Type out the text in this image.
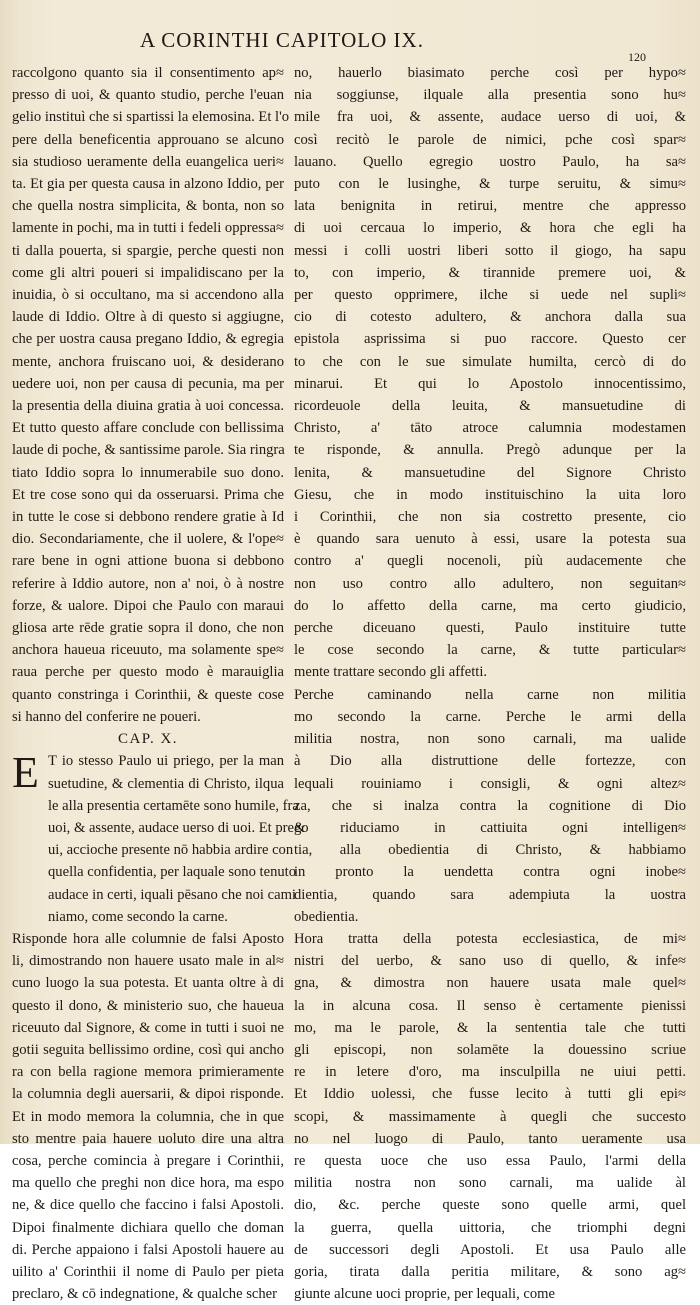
A CORINTHI CAPITOLO IX.
120
raccolgono quanto sia il consentimento ap≈
presso di uoi, & quanto studio, perche l'euan
gelio instituì che si spartissi la elemosina. Et l'o
pere della beneficentia approuano se alcuno
sia studioso ueramente della euangelica ueri≈
ta. Et gia per questa causa in alzono Iddio, per
che quella nostra simplicita, & bonta, non so
lamente in pochi, ma in tutti i fedeli oppressa≈
ti dalla pouerta, si spargie, perche questi non
come gli altri poueri si impalidiscano per la
inuidia, ò si occultano, ma si accendono alla
laude di Iddio. Oltre à di questo si aggiugne,
che per uostra causa pregano Iddio, & egregia
mente, anchora fruiscano uoi, & desiderano
uedere uoi, non per causa di pecunia, ma per
la presentia della diuina gratia à uoi concessa.
Et tutto questo affare conclude con bellissima
laude di poche, & santissime parole. Sia ringra
tiato Iddio sopra lo innumerabile suo dono.
Et tre cose sono qui da osseruarsi. Prima che
in tutte le cose si debbono rendere gratie à Id
dio. Secondariamente, che il uolere, & l'ope≈
rare bene in ogni attione buona si debbono
referire à Iddio autore, non a' noi, ò à nostre
forze, & ualore. Dipoi che Paulo con maraui
gliosa arte rēde gratie sopra il dono, che non
anchora haueua riceuuto, ma solamente spe≈
raua perche per questo modo è marauiglia
quanto constringa i Corinthii, & queste cose
si hanno del conferire ne poueri.
CAP. X.
E T io stesso Paulo ui priego, per la man
suetudine, & clementia di Christo, ilqua
le alla presentia certamēte sono humile, fra
uoi, & assente, audace uerso di uoi. Et prego
ui, accioche presente nō habbia ardire con
quella confidentia, per laquale sono tenuto
audace in certi, iquali pēsano che noi cami
niamo, come secondo la carne.
Risponde hora alle columnie de falsi Aposto
li, dimostrando non hauere usato male in al≈
cuno luogo la sua potesta. Et uanta oltre à di
questo il dono, & ministerio suo, che haueua
riceuuto dal Signore, & come in tutti i suoi ne
gotii seguita bellissimo ordine, così qui ancho
ra con bella ragione memora primieramente
la columnia degli auersarii, & dipoi risponde.
Et in modo memora la columnia, che in que
sto mentre paia hauere uoluto dire una altra
cosa, perche comincia à pregare i Corinthii,
ma quello che preghi non dice hora, ma espo
ne, & dice quello che faccino i falsi Apostoli.
Dipoi finalmente dichiara quello che doman
di. Perche appaiono i falsi Apostoli hauere au
uilito a' Corinthii il nome di Paulo per pieta
preclaro, & cō indegnatione, & qualche scher
no, hauerlo biasimato perche così per hypo≈
nia soggiunse, ilquale alla presentia sono hu≈
mile fra uoi, & assente, audace uerso di uoi, &
così recitò le parole de nimici, pche così spar≈
lauano. Quello egregio uostro Paulo, ha sa≈
puto con le lusinghe, & turpe seruitu, & simu≈
lata benignita in retirui, mentre che appresso
di uoi cercaua lo imperio, & hora che egli ha
messi i colli uostri liberi sotto il giogo, ha sapu
to, con imperio, & tirannide premere uoi, &
per questo opprimere, ilche si uede nel supli≈
cio di cotesto adultero, & anchora dalla sua
epistola asprissima si puo raccore. Questo cer
to che con le sue simulate humilta, cercò di do
minarui. Et qui lo Apostolo innocentissimo,
ricordeuole della leuita, & mansuetudine di
Christo, a' tāto atroce calumnia modestamen
te risponde, & annulla. Pregò adunque per la
lenita, & mansuetudine del Signore Christo
Giesu, che in modo instituischino la uita loro
i Corinthii, che non sia costretto presente, cio
è quando sara uenuto à essi, usare la potesta sua
contro a' quegli nocenoli, più audacemente che
non uso contro allo adultero, non seguitan≈
do lo affetto della carne, ma certo giudicio,
perche diceuano questi, Paulo instituire tutte
le cose secondo la carne, & tutte particular≈
mente trattare secondo gli affetti.
Perche caminando nella carne non militia
mo secondo la carne. Perche le armi della
militia nostra, non sono carnali, ma ualide
à Dio alla distruttione delle fortezze, con
lequali rouiniamo i consigli, & ogni altez≈
za, che si inalza contra la cognitione di Dio
& riduciamo in cattiuita ogni intelligen≈
tia, alla obedientia di Christo, & habbiamo
in pronto la uendetta contra ogni inobe≈
dientia, quando sara adempiuta la uostra
obedientia.
Hora tratta della potesta ecclesiastica, de mi≈
nistri del uerbo, & sano uso di quello, & infe≈
gna, & dimostra non hauere usata male quel≈
la in alcuna cosa. Il senso è certamente pienissi
mo, ma le parole, & la sententia tale che tutti
gli episcopi, non solamēte la douessino scriue
re in letere d'oro, ma insculpilla ne uiui petti.
Et Iddio uolessi, che fusse lecito à tutti gli epi≈
scopi, & massimamente à quegli che succesto
no nel luogo di Paulo, tanto ueramente usa
re questa uoce che uso essa Paulo, l'armi della
militia nostra non sono carnali, ma ualide àl
dio, &c. perche queste sono quelle armi, quel
la guerra, quella uittoria, che triomphi degni
de successori degli Apostoli. Et usa Paulo alle
goria, tirata dalla peritia militare, & sono ag≈
giunte alcune uoci proprie, per lequali, come
